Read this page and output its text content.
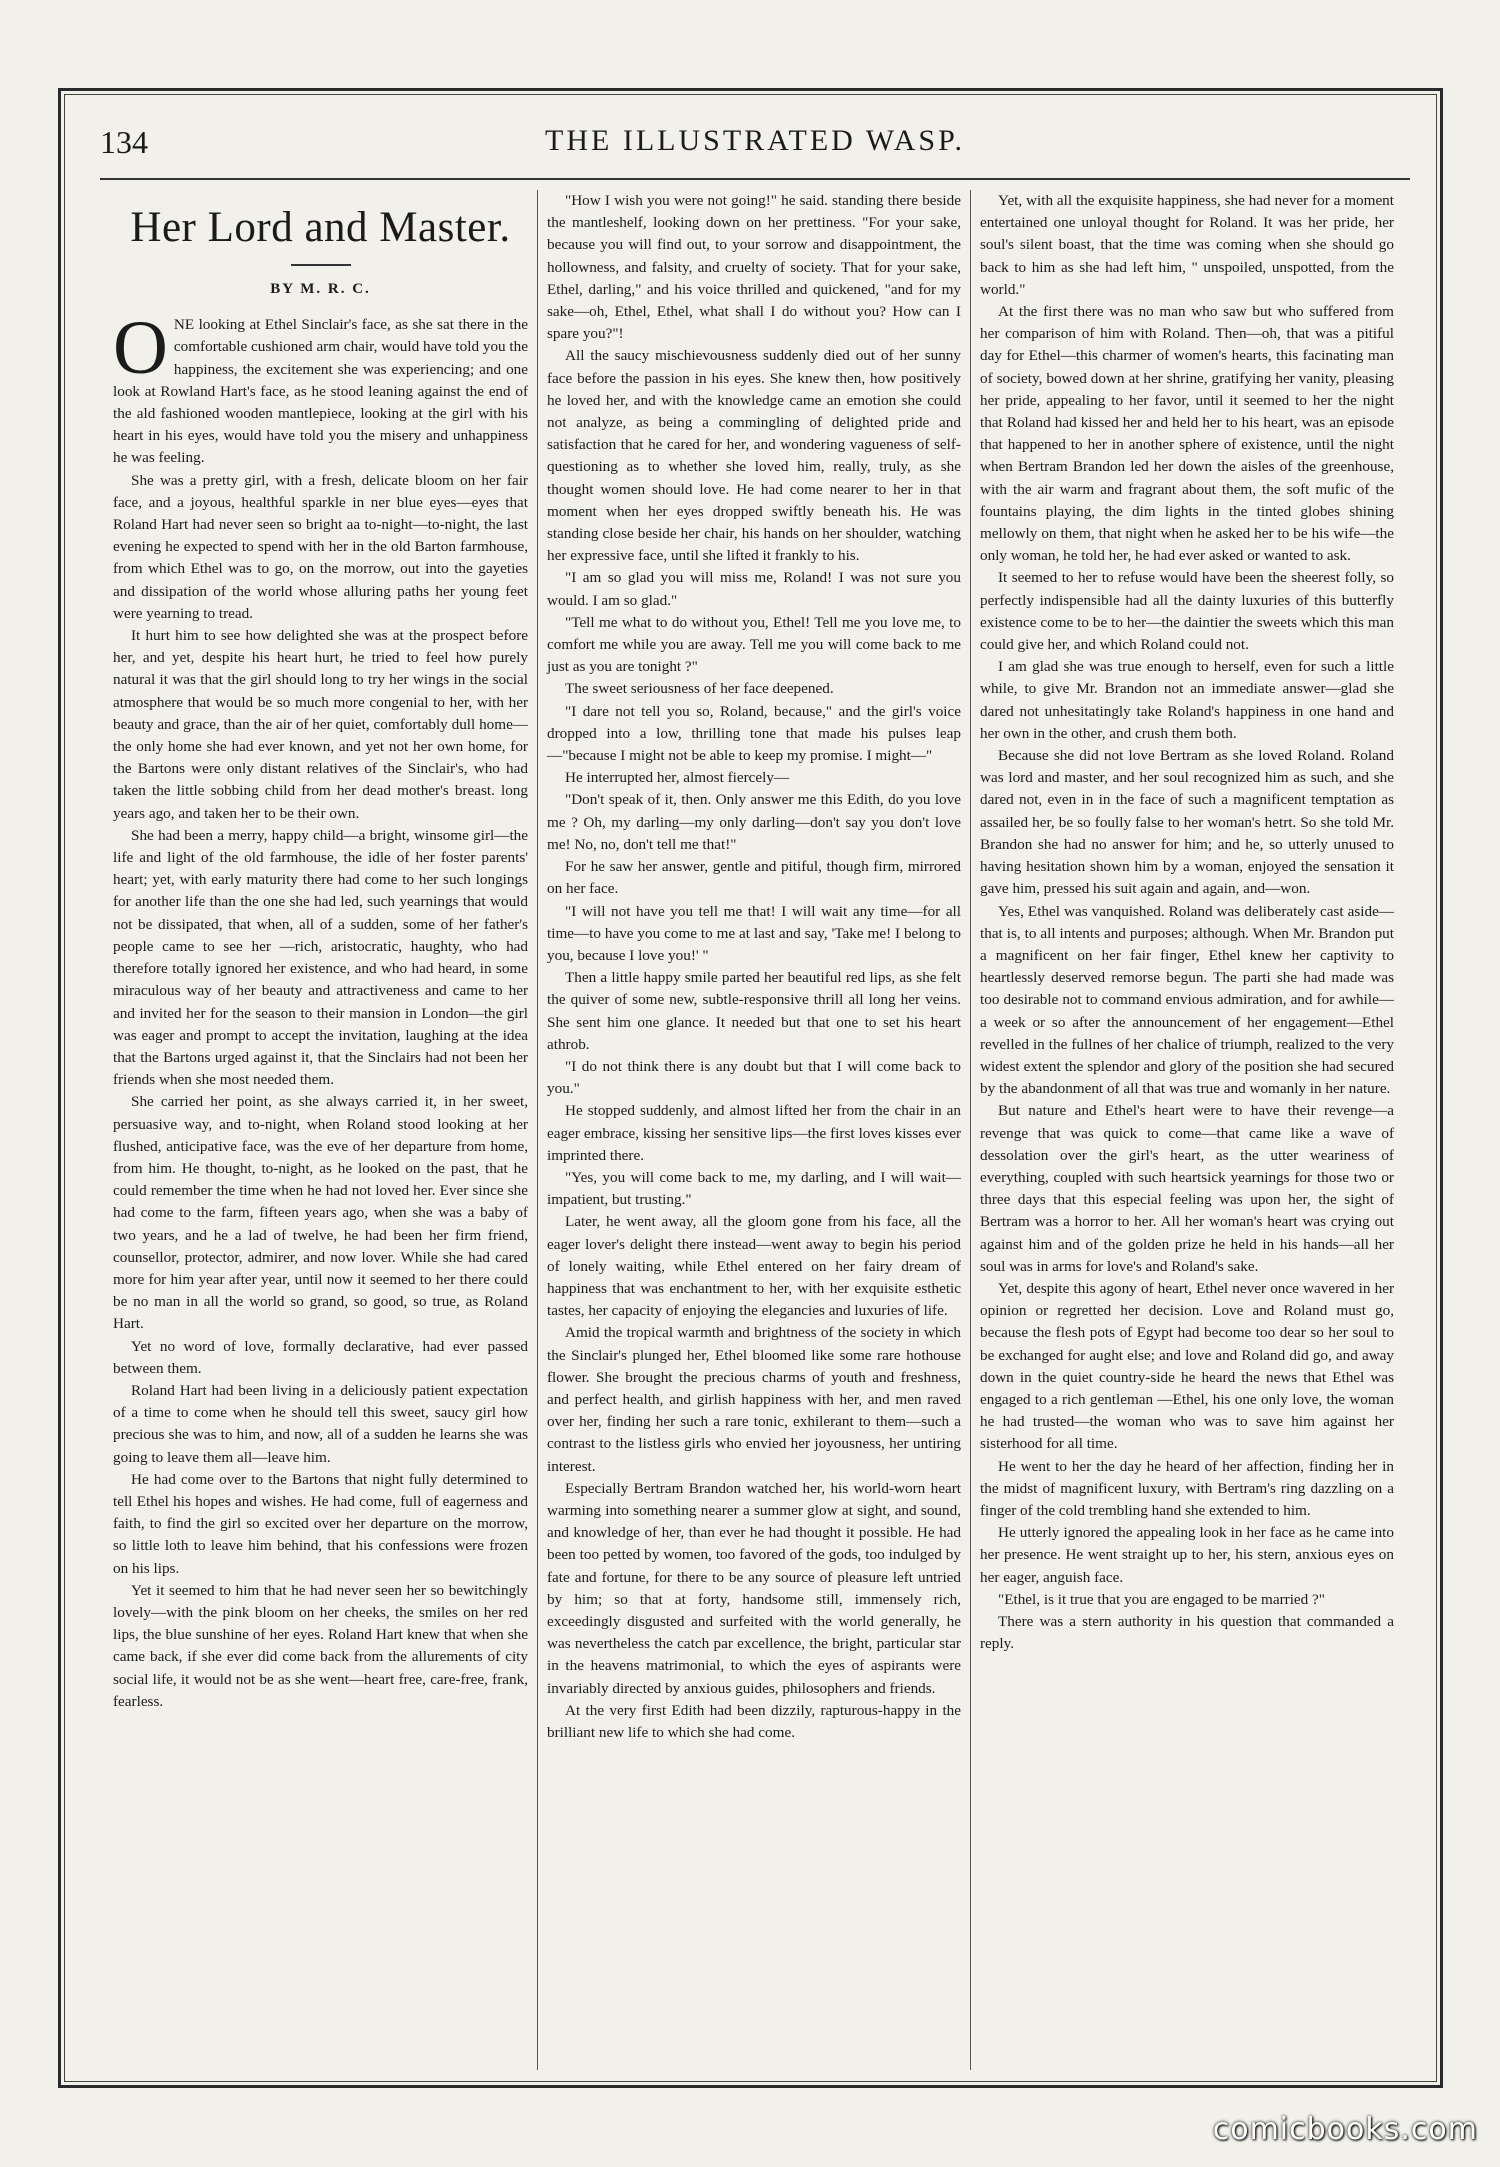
134	THE ILLUSTRATED WASP.
Her Lord and Master.
BY M. R. C.

ONE looking at Ethel Sinclair's face, as she sat there in the comfortable cushioned arm chair, would have told you the happiness, the excitement she was experiencing; and one look at Rowland Hart's face, as he stood leaning against the end of the ald fashioned wooden mantlepiece, looking at the girl with his heart in his eyes, would have told you the misery and unhappiness he was feeling.

She was a pretty girl, with a fresh, delicate bloom on her fair face, and a joyous, healthful sparkle in ner blue eyes—eyes that Roland Hart had never seen so bright aa to-night—to-night, the last evening he expected to spend with her in the old Barton farmhouse, from which Ethel was to go, on the morrow, out into the gayeties and dissipation of the world whose alluring paths her young feet were yearning to tread.

It hurt him to see how delighted she was at the prospect before her, and yet, despite his heart hurt, he tried to feel how purely natural it was that the girl should long to try her wings in the social atmosphere that would be so much more congenial to her, with her beauty and grace, than the air of her quiet, comfortably dull home—the only home she had ever known, and yet not her own home, for the Bartons were only distant relatives of the Sinclair's, who had taken the little sobbing child from her dead mother's breast. long years ago, and taken her to be their own.

She had been a merry, happy child—a bright, winsome girl—the life and light of the old farmhouse, the idle of her foster parents' heart; yet, with early maturity there had come to her such longings for another life than the one she had led, such yearnings that would not be dissipated, that when, all of a sudden, some of her father's people came to see her —rich, aristocratic, haughty, who had therefore totally ignored her existence, and who had heard, in some miraculous way of her beauty and attractiveness and came to her and invited her for the season to their mansion in London—the girl was eager and prompt to accept the invitation, laughing at the idea that the Bartons urged against it, that the Sinclairs had not been her friends when she most needed them.

She carried her point, as she always carried it, in her sweet, persuasive way, and to-night, when Roland stood looking at her flushed, anticipative face, was the eve of her departure from home, from him. He thought, to-night, as he looked on the past, that he could remember the time when he had not loved her. Ever since she had come to the farm, fifteen years ago, when she was a baby of two years, and he a lad of twelve, he had been her firm friend, counsellor, protector, admirer, and now lover. While she had cared more for him year after year, until now it seemed to her there could be no man in all the world so grand, so good, so true, as Roland Hart.

Yet no word of love, formally declarative, had ever passed between them.

Roland Hart had been living in a deliciously patient expectation of a time to come when he should tell this sweet, saucy girl how precious she was to him, and now, all of a sudden he learns she was going to leave them all—leave him.

He had come over to the Bartons that night fully determined to tell Ethel his hopes and wishes. He had come, full of eagerness and faith, to find the girl so excited over her departure on the morrow, so little loth to leave him behind, that his confessions were frozen on his lips.

Yet it seemed to him that he had never seen her so bewitchingly lovely—with the pink bloom on her cheeks, the smiles on her red lips, the blue sunshine of her eyes. Roland Hart knew that when she came back, if she ever did come back from the allurements of city social life, it would not be as she went—heart free, care-free, frank, fearless.

"How I wish you were not going!" he said. standing there beside the mantleshelf, looking down on her prettiness. "For your sake, because you will find out, to your sorrow and disappointment, the hollowness, and falsity, and cruelty of society. That for your sake, Ethel, darling," and his voice thrilled and quickened, "and for my sake—oh, Ethel, Ethel, what shall I do without you? How can I spare you?"!

All the saucy mischievousness suddenly died out of her sunny face before the passion in his eyes. She knew then, how positively he loved her, and with the knowledge came an emotion she could not analyze, as being a commingling of delighted pride and satisfaction that he cared for her, and wondering vagueness of self-questioning as to whether she loved him, really, truly, as she thought women should love. He had come nearer to her in that moment when her eyes dropped swiftly beneath his. He was standing close beside her chair, his hands on her shoulder, watching her expressive face, until she lifted it frankly to his.

"I am so glad you will miss me, Roland! I was not sure you would. I am so glad."

"Tell me what to do without you, Ethel! Tell me you love me, to comfort me while you are away. Tell me you will come back to me just as you are tonight ?"

The sweet seriousness of her face deepened.

"I dare not tell you so, Roland, because," and the girl's voice dropped into a low, thrilling tone that made his pulses leap—"because I might not be able to keep my promise. I might—"

He interrupted her, almost fiercely—

"Don't speak of it, then. Only answer me this Edith, do you love me ? Oh, my darling—my only darling—don't say you don't love me! No, no, don't tell me that!"

For he saw her answer, gentle and pitiful, though firm, mirrored on her face.

"I will not have you tell me that! I will wait any time—for all time—to have you come to me at last and say, 'Take me! I belong to you, because I love you!' "

Then a little happy smile parted her beautiful red lips, as she felt the quiver of some new, subtle-responsive thrill all long her veins. She sent him one glance. It needed but that one to set his heart athrob.

"I do not think there is any doubt but that I will come back to you."

He stopped suddenly, and almost lifted her from the chair in an eager embrace, kissing her sensitive lips—the first loves kisses ever imprinted there.

"Yes, you will come back to me, my darling, and I will wait—impatient, but trusting."

Later, he went away, all the gloom gone from his face, all the eager lover's delight there instead—went away to begin his period of lonely waiting, while Ethel entered on her fairy dream of happiness that was enchantment to her, with her exquisite esthetic tastes, her capacity of enjoying the elegancies and luxuries of life.

Amid the tropical warmth and brightness of the society in which the Sinclair's plunged her, Ethel bloomed like some rare hothouse flower. She brought the precious charms of youth and freshness, and perfect health, and girlish happiness with her, and men raved over her, finding her such a rare tonic, exhilerant to them—such a contrast to the listless girls who envied her joyousness, her untiring interest.

Especially Bertram Brandon watched her, his world-worn heart warming into something nearer a summer glow at sight, and sound, and knowledge of her, than ever he had thought it possible. He had been too petted by women, too favored of the gods, too indulged by fate and fortune, for there to be any source of pleasure left untried by him; so that at forty, handsome still, immensely rich, exceedingly disgusted and surfeited with the world generally, he was nevertheless the catch par excellence, the bright, particular star in the heavens matrimonial, to which the eyes of aspirants were invariably directed by anxious guides, philosophers and friends.

At the very first Edith had been dizzily, rapturous-happy in the brilliant new life to which she had come.

Yet, with all the exquisite happiness, she had never for a moment entertained one unloyal thought for Roland. It was her pride, her soul's silent boast, that the time was coming when she should go back to him as she had left him, " unspoiled, unspotted, from the world."

At the first there was no man who saw but who suffered from her comparison of him with Roland. Then—oh, that was a pitiful day for Ethel—this charmer of women's hearts, this facinating man of society, bowed down at her shrine, gratifying her vanity, pleasing her pride, appealing to her favor, until it seemed to her the night that Roland had kissed her and held her to his heart, was an episode that happened to her in another sphere of existence, until the night when Bertram Brandon led her down the aisles of the greenhouse, with the air warm and fragrant about them, the soft mufic of the fountains playing, the dim lights in the tinted globes shining mellowly on them, that night when he asked her to be his wife—the only woman, he told her, he had ever asked or wanted to ask.

It seemed to her to refuse would have been the sheerest folly, so perfectly indispensible had all the dainty luxuries of this butterfly existence come to be to her—the daintier the sweets which this man could give her, and which Roland could not.

I am glad she was true enough to herself, even for such a little while, to give Mr. Brandon not an immediate answer—glad she dared not unhesitatingly take Roland's happiness in one hand and her own in the other, and crush them both.

Because she did not love Bertram as she loved Roland. Roland was lord and master, and her soul recognized him as such, and she dared not, even in in the face of such a magnificent temptation as assailed her, be so foully false to her woman's hetrt. So she told Mr. Brandon she had no answer for him; and he, so utterly unused to having hesitation shown him by a woman, enjoyed the sensation it gave him, pressed his suit again and again, and—won.

Yes, Ethel was vanquished. Roland was deliberately cast aside—that is, to all intents and purposes; although. When Mr. Brandon put a magnificent on her fair finger, Ethel knew her captivity to heartlessly deserved remorse begun. The parti she had made was too desirable not to command envious admiration, and for awhile—a week or so after the announcement of her engagement—Ethel revelled in the fullnes of her chalice of triumph, realized to the very widest extent the splendor and glory of the position she had secured by the abandonment of all that was true and womanly in her nature.

But nature and Ethel's heart were to have their revenge—a revenge that was quick to come—that came like a wave of dessolation over the girl's heart, as the utter weariness of everything, coupled with such heartsick yearnings for those two or three days that this especial feeling was upon her, the sight of Bertram was a horror to her. All her woman's heart was crying out against him and of the golden prize he held in his hands—all her soul was in arms for love's and Roland's sake.

Yet, despite this agony of heart, Ethel never once wavered in her opinion or regretted her decision. Love and Roland must go, because the flesh pots of Egypt had become too dear so her soul to be exchanged for aught else; and love and Roland did go, and away down in the quiet country-side he heard the news that Ethel was engaged to a rich gentleman —Ethel, his one only love, the woman he had trusted—the woman who was to save him against her sisterhood for all time.

He went to her the day he heard of her affection, finding her in the midst of magnificent luxury, with Bertram's ring dazzling on a finger of the cold trembling hand she extended to him.

He utterly ignored the appealing look in her face as he came into her presence. He went straight up to her, his stern, anxious eyes on her eager, anguish face.

"Ethel, is it true that you are engaged to be married ?"

There was a stern authority in his question that commanded a reply.

comicbooks.com
